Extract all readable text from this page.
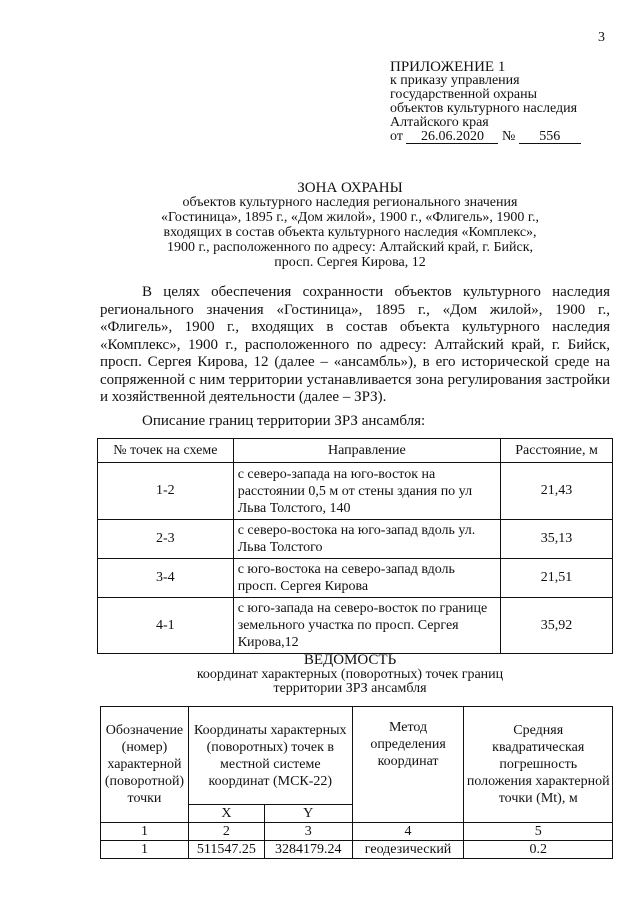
3
ПРИЛОЖЕНИЕ 1
к приказу управления
государственной охраны
объектов культурного наследия
Алтайского края
от 26.06.2020 № 556
ЗОНА ОХРАНЫ
объектов культурного наследия регионального значения
«Гостиница», 1895 г., «Дом жилой», 1900 г., «Флигель», 1900 г.,
входящих в состав объекта культурного наследия «Комплекс»,
1900 г., расположенного по адресу: Алтайский край, г. Бийск,
просп. Сергея Кирова, 12
В целях обеспечения сохранности объектов культурного наследия регионального значения «Гостиница», 1895 г., «Дом жилой», 1900 г., «Флигель», 1900 г., входящих в состав объекта культурного наследия «Комплекс», 1900 г., расположенного по адресу: Алтайский край, г. Бийск, просп. Сергея Кирова, 12 (далее – «ансамбль»), в его исторической среде на сопряженной с ним территории устанавливается зона регулирования застройки и хозяйственной деятельности (далее – ЗРЗ).
Описание границ территории ЗРЗ ансамбля:
№ точек на схеме	Направление	Расстояние, м
1-2	с северо-запада на юго-восток на расстоянии 0,5 м от стены здания по ул Льва Толстого, 140	21,43
2-3	с северо-востока на юго-запад вдоль ул. Льва Толстого	35,13
3-4	с юго-востока на северо-запад вдоль просп. Сергея Кирова	21,51
4-1	с юго-запада на северо-восток по границе земельного участка по просп. Сергея Кирова,12	35,92
ВЕДОМОСТЬ
координат характерных (поворотных) точек границ
территории ЗРЗ ансамбля
Обозначение (номер) характерной (поворотной) точки	Координаты характерных (поворотных) точек в местной системе координат (МСК-22)		Метод определения координат	Средняя квадратическая погрешность положения характерной точки (Mt), м
	X	Y		
1	2	3	4	5
1	511547.25	3284179.24	геодезический	0.2
